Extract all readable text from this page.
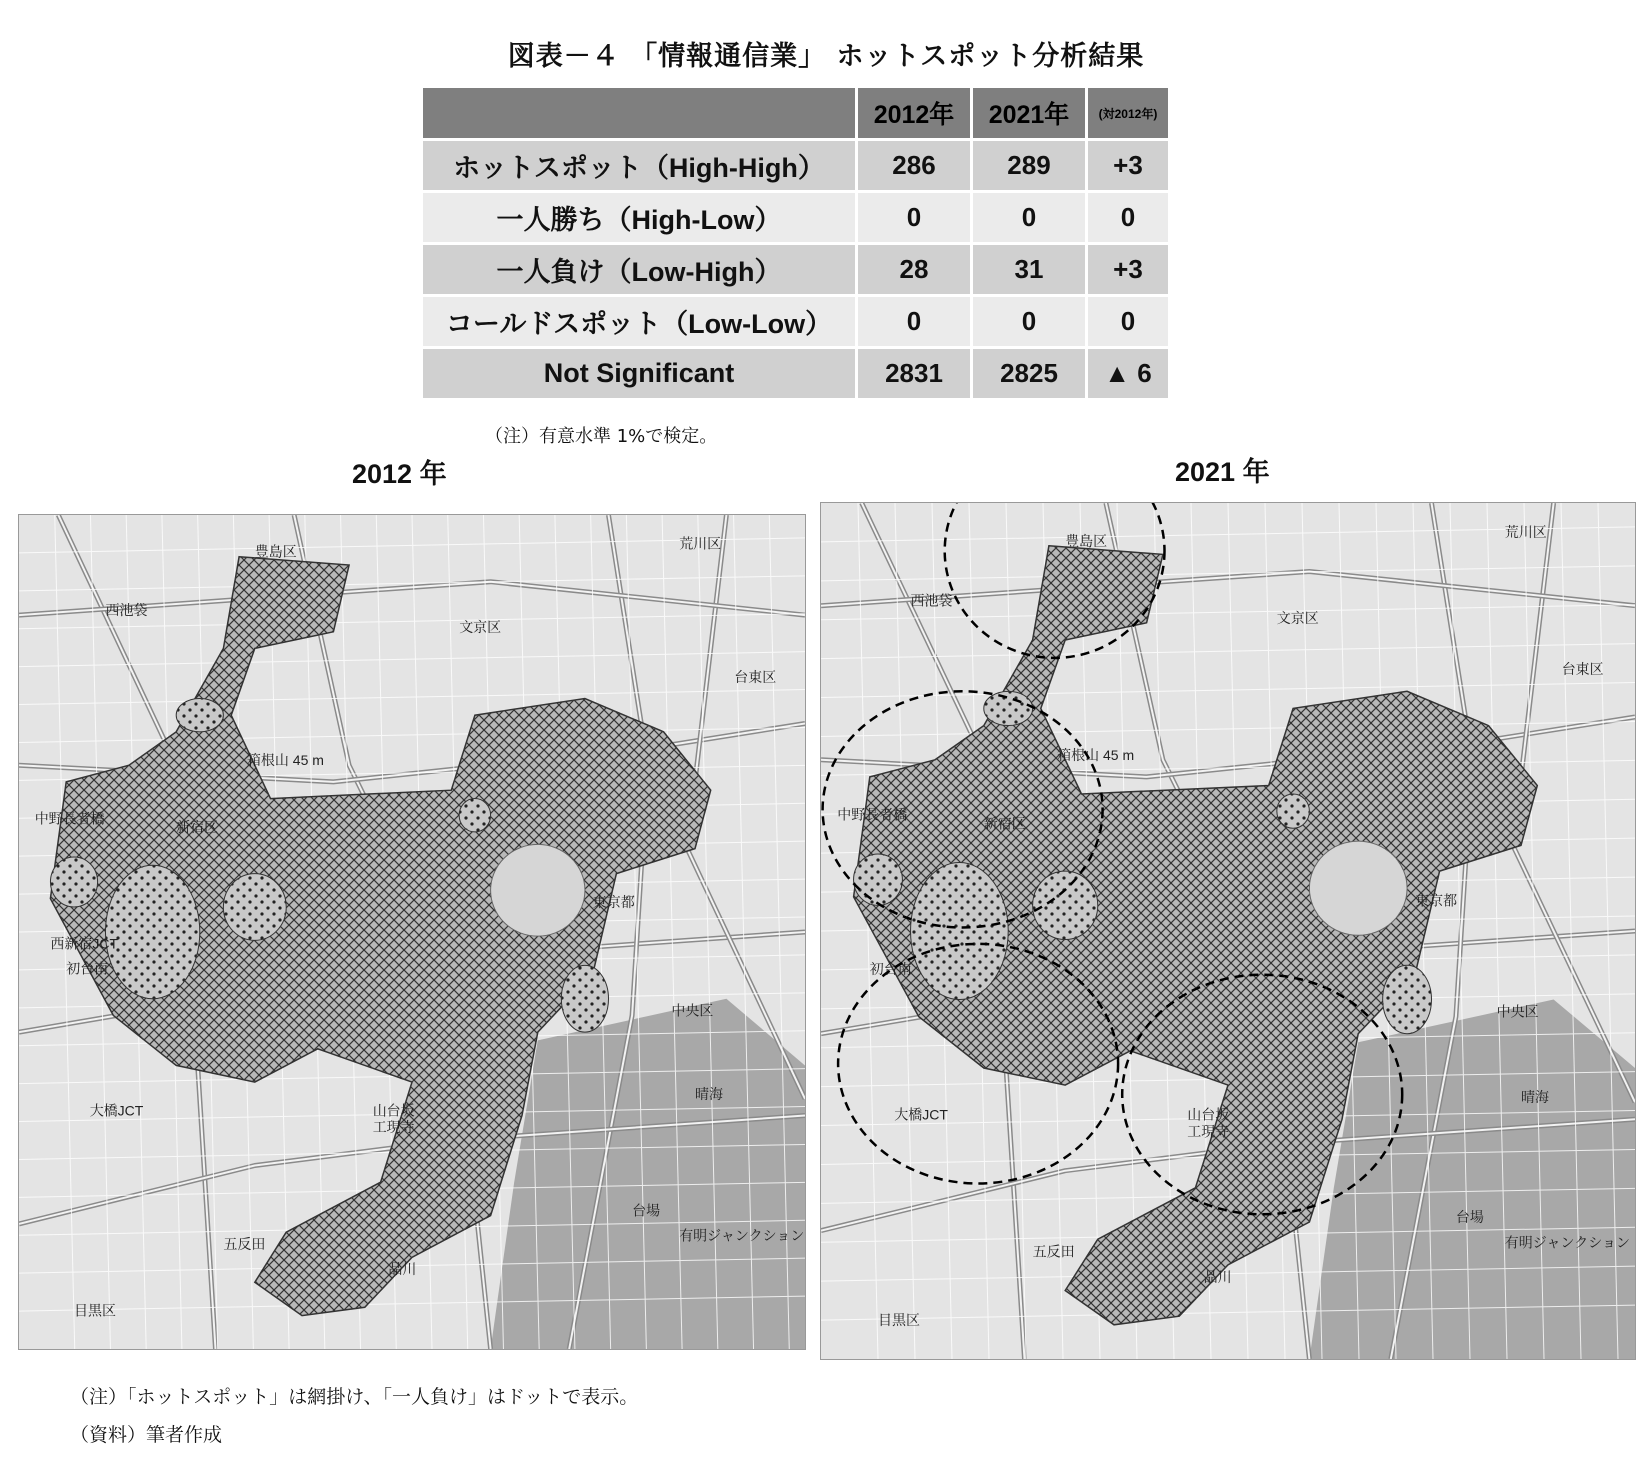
図表－４ 「情報通信業」 ホットスポット分析結果
	2012年	2021年	(対2012年)
ホットスポット（High-High）	286	289	+3
一人勝ち（High-Low）	0	0	0
一人負け（Low-High）	28	31	+3
コールドスポット（Low-Low）	0	0	0
Not Significant	2831	2825	▲ 6
（注）有意水準 1%で検定。
2012 年	2021 年
豊島区
西池袋
文京区
荒川区
台東区
中野長者橋
新宿区
東京都
西新宿JCT
初台南
中央区
晴海
山台坂
工現寺
台場
五反田
品川
目黒区
大橋JCT
有明ジャンクション
箱根山 45 m
豊島区
西池袋
文京区
荒川区
台東区
中野長者橋
新宿区
東京都
初台南
中央区
晴海
山台坂
工現寺
台場
五反田
品川
目黒区
大橋JCT
有明ジャンクション
箱根山 45 m
（注）「ホットスポット」は網掛け、「一人負け」はドットで表示。
（資料）筆者作成
